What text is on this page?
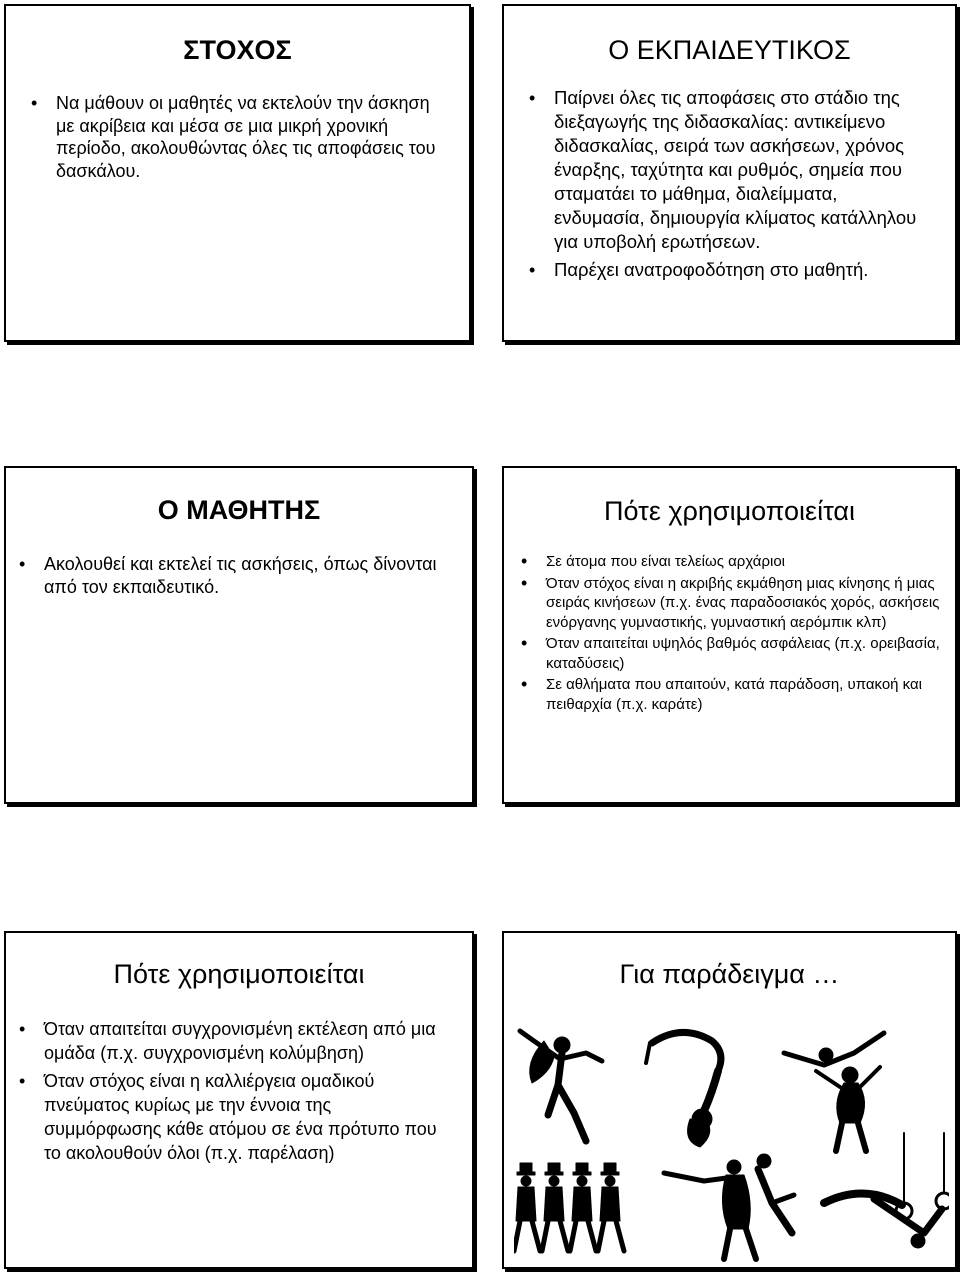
ΣΤΟΧΟΣ
• Να μάθουν οι μαθητές να εκτελούν την άσκηση με ακρίβεια και μέσα σε μια μικρή χρονική περίοδο, ακολουθώντας όλες τις αποφάσεις του δασκάλου.
Ο ΕΚΠΑΙΔΕΥΤΙΚΟΣ
• Παίρνει όλες τις αποφάσεις στο στάδιο της διεξαγωγής της διδασκαλίας: αντικείμενο διδασκαλίας, σειρά των ασκήσεων, χρόνος έναρξης, ταχύτητα και ρυθμός, σημεία που σταματάει το μάθημα, διαλείμματα, ενδυμασία, δημιουργία κλίματος κατάλληλου για υποβολή ερωτήσεων.
• Παρέχει ανατροφοδότηση στο μαθητή.
Ο ΜΑΘΗΤΗΣ
• Ακολουθεί και εκτελεί τις ασκήσεις, όπως δίνονται από τον εκπαιδευτικό.
Πότε χρησιμοποιείται
• Σε άτομα που είναι τελείως αρχάριοι
• Όταν στόχος είναι η ακριβής εκμάθηση μιας κίνησης ή μιας σειράς κινήσεων (π.χ. ένας παραδοσιακός χορός, ασκήσεις ενόργανης γυμναστικής, γυμναστική αερόμπικ κλπ)
• Όταν απαιτείται υψηλός βαθμός ασφάλειας (π.χ. ορειβασία, καταδύσεις)
• Σε αθλήματα που απαιτούν, κατά παράδοση, υπακοή και πειθαρχία (π.χ. καράτε)
Πότε χρησιμοποιείται
• Όταν απαιτείται συγχρονισμένη εκτέλεση από μια ομάδα (π.χ. συγχρονισμένη κολύμβηση)
• Όταν στόχος είναι η καλλιέργεια ομαδικού πνεύματος κυρίως με την έννοια της συμμόρφωσης κάθε ατόμου σε ένα πρότυπο που το ακολουθούν όλοι (π.χ. παρέλαση)
Για παράδειγμα …
